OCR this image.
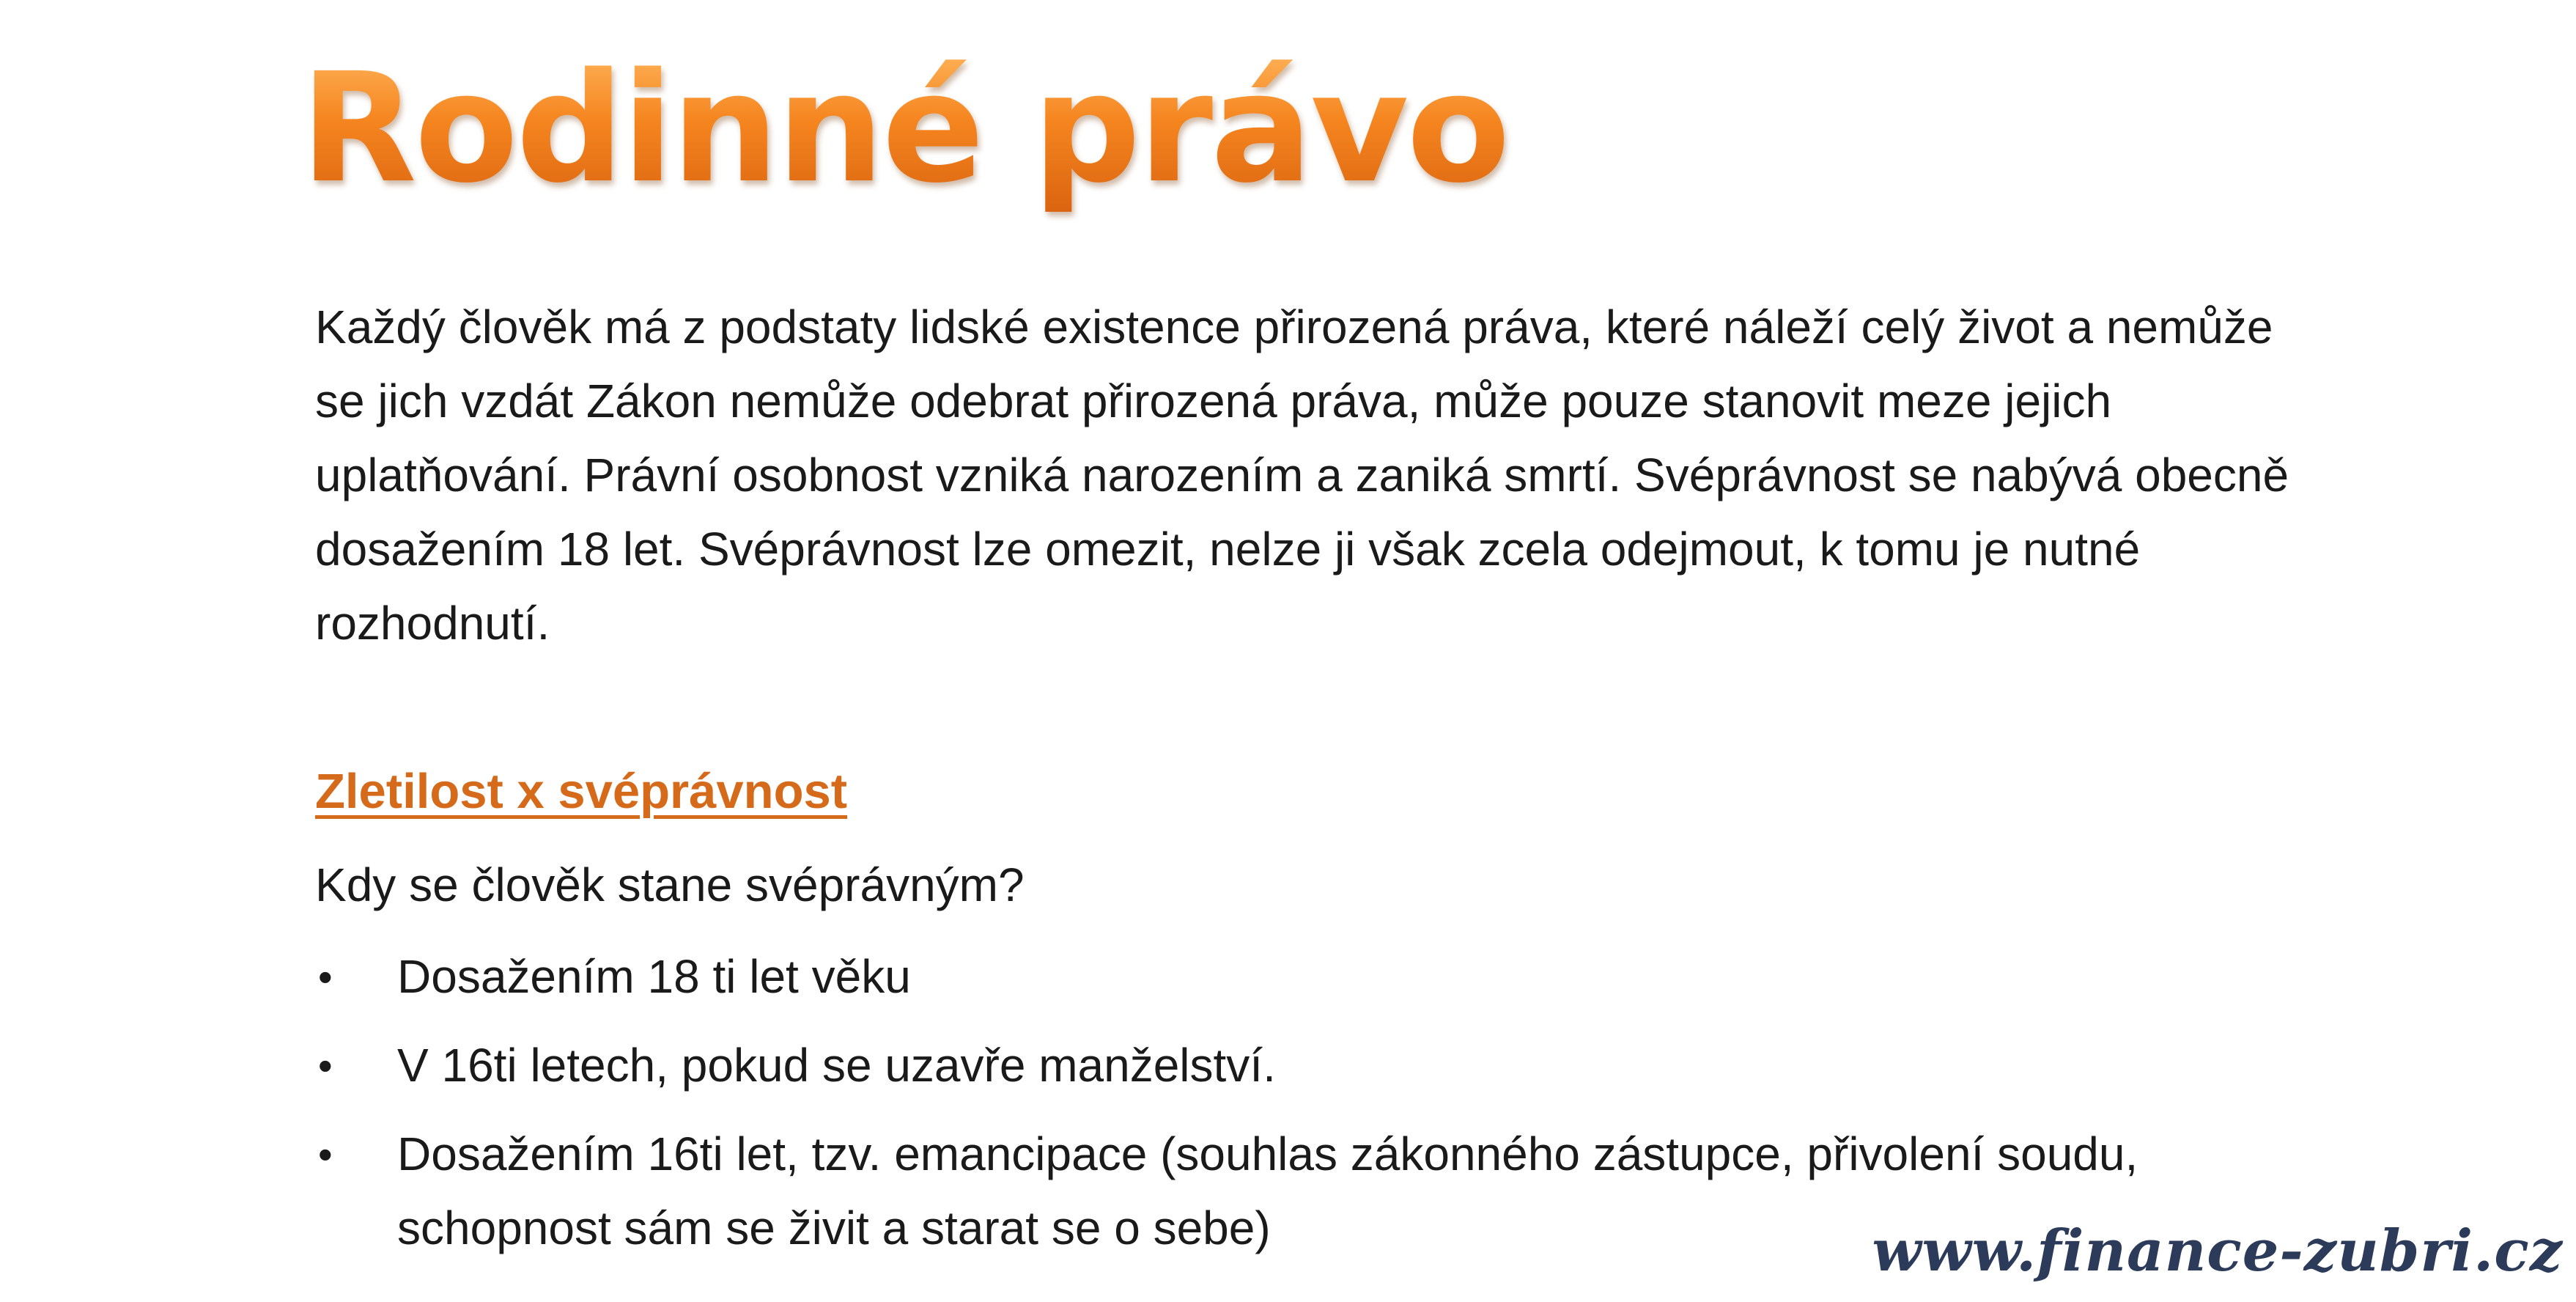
Rodinné právo

Každý člověk má z podstaty lidské existence přirozená práva, které náleží celý život a nemůže se jich vzdát Zákon nemůže odebrat přirozená práva, může pouze stanovit meze jejich uplatňování. Právní osobnost vzniká narozením a zaniká smrtí. Svéprávnost se nabývá obecně dosažením 18 let. Svéprávnost lze omezit, nelze ji však zcela odejmout, k tomu je nutné rozhodnutí.

Zletilost x svéprávnost

Kdy se člověk stane svéprávným?

• Dosažením 18 ti let věku
• V 16ti letech, pokud se uzavře manželství.
• Dosažením 16ti let, tzv. emancipace (souhlas zákonného zástupce, přivolení soudu, schopnost sám se živit a starat se o sebe)	www.finance-zubri.cz
